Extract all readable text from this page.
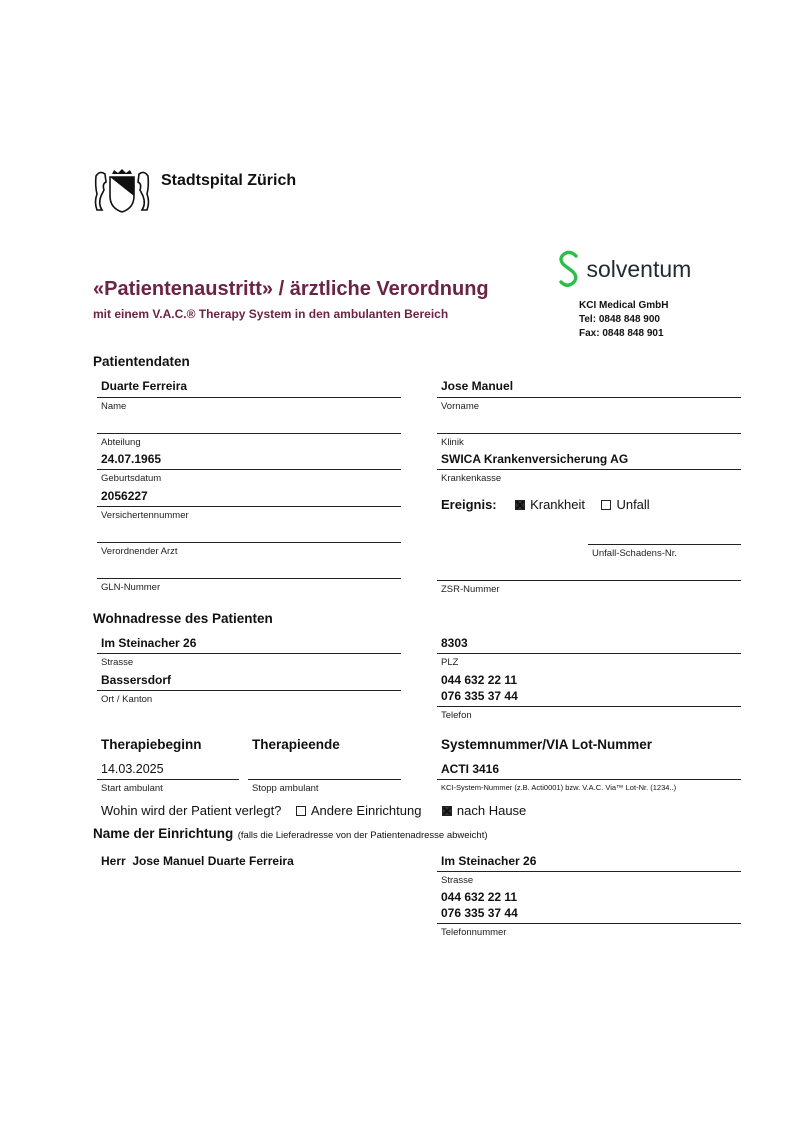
Stadtspital Zürich
solventum
«Patientenaustritt» / ärztliche Verordnung
mit einem V.A.C.® Therapy System in den ambulanten Bereich
KCI Medical GmbH
Tel: 0848 848 900
Fax: 0848 848 901
Patientendaten
Duarte Ferreira
Name
Jose Manuel
Vorname
Abteilung	Klinik
24.07.1965
Geburtsdatum
SWICA Krankenversicherung AG
Krankenkasse
2056227
Versichertennummer
Ereignis:	Krankheit Unfall
Verordnender Arzt	Unfall-Schadens-Nr.
GLN-Nummer	ZSR-Nummer
Wohnadresse des Patienten
Im Steinacher 26
Strasse
8303
PLZ
Bassersdorf
Ort / Kanton
044 632 22 11
076 335 37 44
Telefon
Therapiebeginn	Therapieende	Systemnummer/VIA Lot-Nummer
14.03.2025
Start ambulant	Stopp ambulant
ACTI 3416
KCI-System-Nummer (z.B. Acti0001) bzw. V.A.C. Via™ Lot-Nr. (1234..)
Wohin wird der Patient verlegt? Andere Einrichtung	nach Hause
Name der Einrichtung (falls die Lieferadresse von der Patientenadresse abweicht)
Herr  Jose Manuel Duarte Ferreira	Im Steinacher 26
Strasse
044 632 22 11
076 335 37 44
Telefonnummer
